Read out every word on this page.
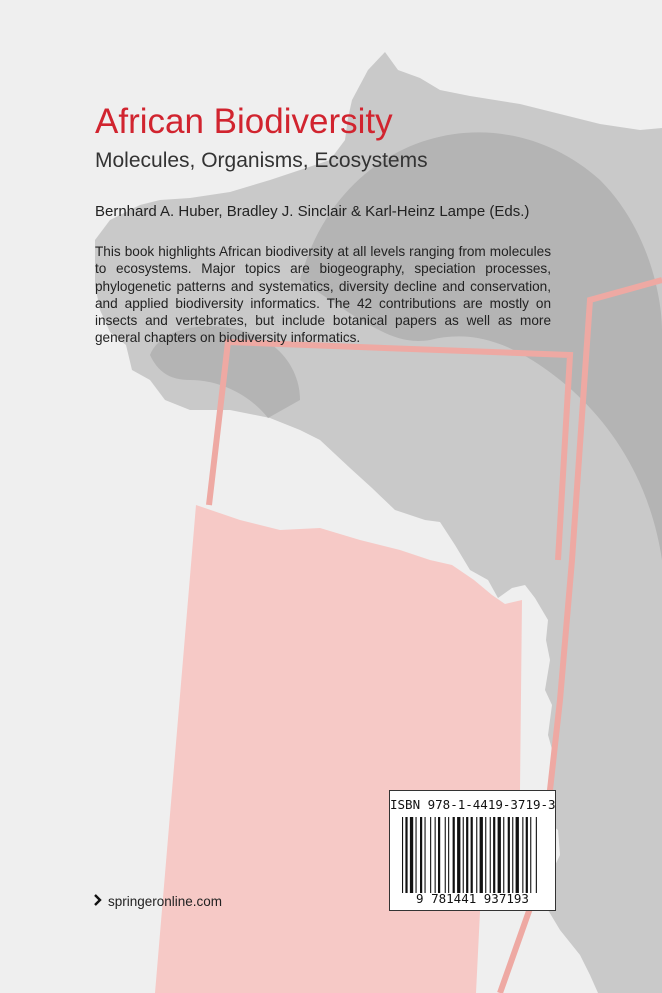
African Biodiversity
Molecules, Organisms, Ecosystems
Bernhard A. Huber, Bradley J. Sinclair & Karl-Heinz Lampe (Eds.)

This book highlights African biodiversity at all levels ranging from molecules to ecosystems. Major topics are biogeography, speciation processes, phylogenetic patterns and systematics, diversity decline and conservation, and applied biodiversity informatics. The 42 contributions are mostly on insects and vertebrates, but include botanical papers as well as more general chapters on biodiversity informatics.

ISBN 978-1-4419-3719-3
9 781441 937193
springeronline.com
